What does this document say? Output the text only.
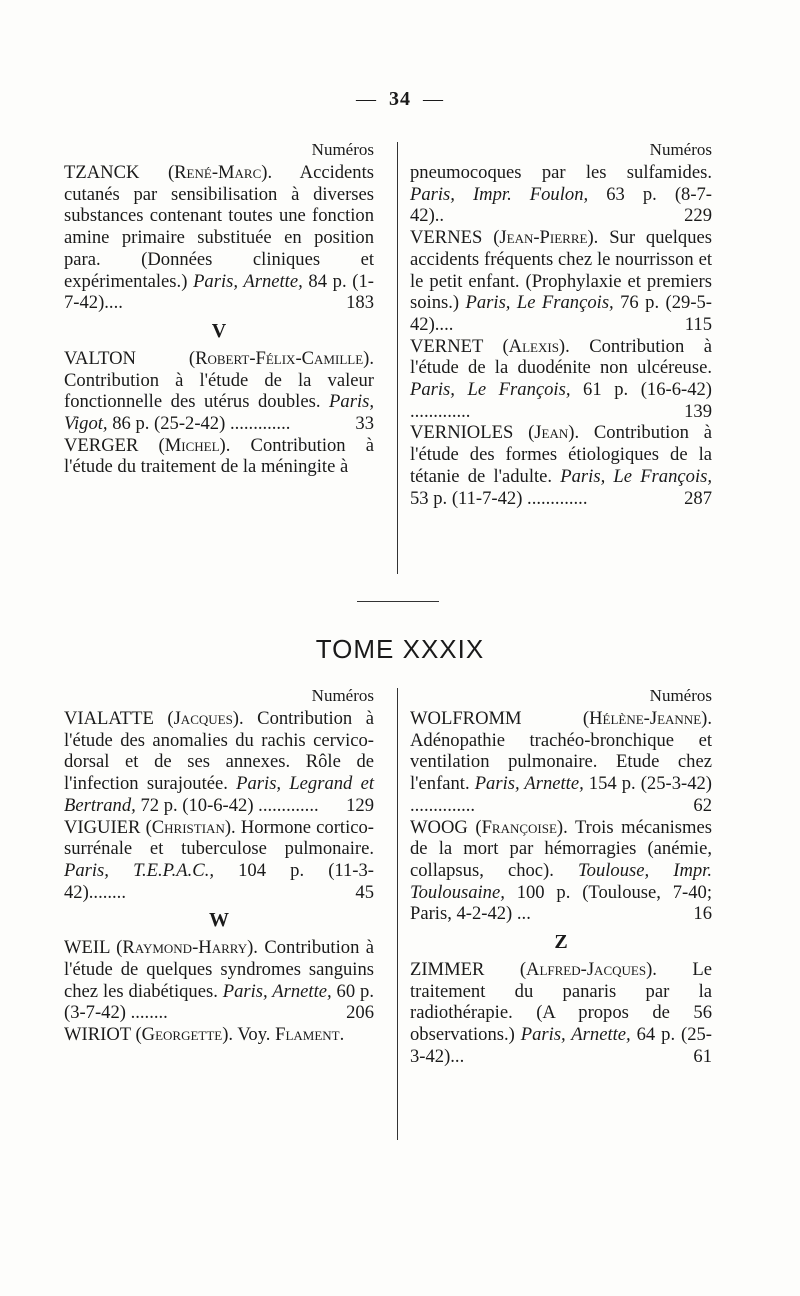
— 34 —
Numéros

TZANCK (René-Marc). Accidents cutanés par sensibilisation à diverses substances contenant toutes une fonction amine primaire substituée en position para. (Données cliniques et expérimentales.) Paris, Arnette, 84 p. (1-7-42)....  	183

V

VALTON	(Robert-Félix-Camille). Contribution à l'étude de la valeur fonctionnelle des utérus doubles. Paris, Vigot, 86 p. (25-2-42) .............  	33

VERGER (Michel). Contribution à l'étude du traitement de la méningite à

Numéros

pneumocoques par les sulfamides. Paris, Impr. Foulon, 63 p. (8-7-42)..  	229

VERNES (Jean-Pierre). Sur quelques accidents fréquents chez le nourrisson et le petit enfant. (Prophylaxie et premiers soins.) Paris, Le François, 76 p. (29-5-42)....  	115

VERNET (Alexis). Contribution à l'étude de la duodénite non ulcéreuse. Paris, Le François, 61 p. (16-6-42) .............  	139

VERNIOLES (Jean). Contribution à l'étude des formes étiologiques de la tétanie de l'adulte. Paris, Le François, 53 p. (11-7-42) .............  	287

TOME XXXIX
Numéros

VIALATTE (Jacques). Contribution à l'étude des anomalies du rachis cervico-dorsal et de ses annexes. Rôle de l'infection surajoutée. Paris, Legrand et Bertrand, 72 p. (10-6-42) .............   129

VIGUIER (Christian). Hormone cortico-surrénale et tuberculose pulmonaire. Paris, T.E.P.A.C., 104 p. (11-3-42)........  	45

W

WEIL (Raymond-Harry). Contribution à l'étude de quelques syndromes sanguins chez les diabétiques. Paris, Arnette, 60 p. (3-7-42) ........  	206

WIRIOT (Georgette). Voy. Flament.

Numéros

WOLFROMM	(Hélène-Jeanne). Adénopathie trachéo-bronchique et ventilation pulmonaire. Etude chez l'enfant. Paris, Arnette, 154 p. (25-3-42) ..............  	62

WOOG (Françoise). Trois mécanismes de la mort par hémorragies (anémie, collapsus, choc). Toulouse, Impr. Toulousaine, 100 p. (Toulouse, 7-40; Paris, 4-2-42) ...  	16

Z

ZIMMER (Alfred-Jacques). Le traitement du panaris par la radiothérapie. (A propos de 56 observations.) Paris, Arnette, 64 p. (25-3-42)...  	61
